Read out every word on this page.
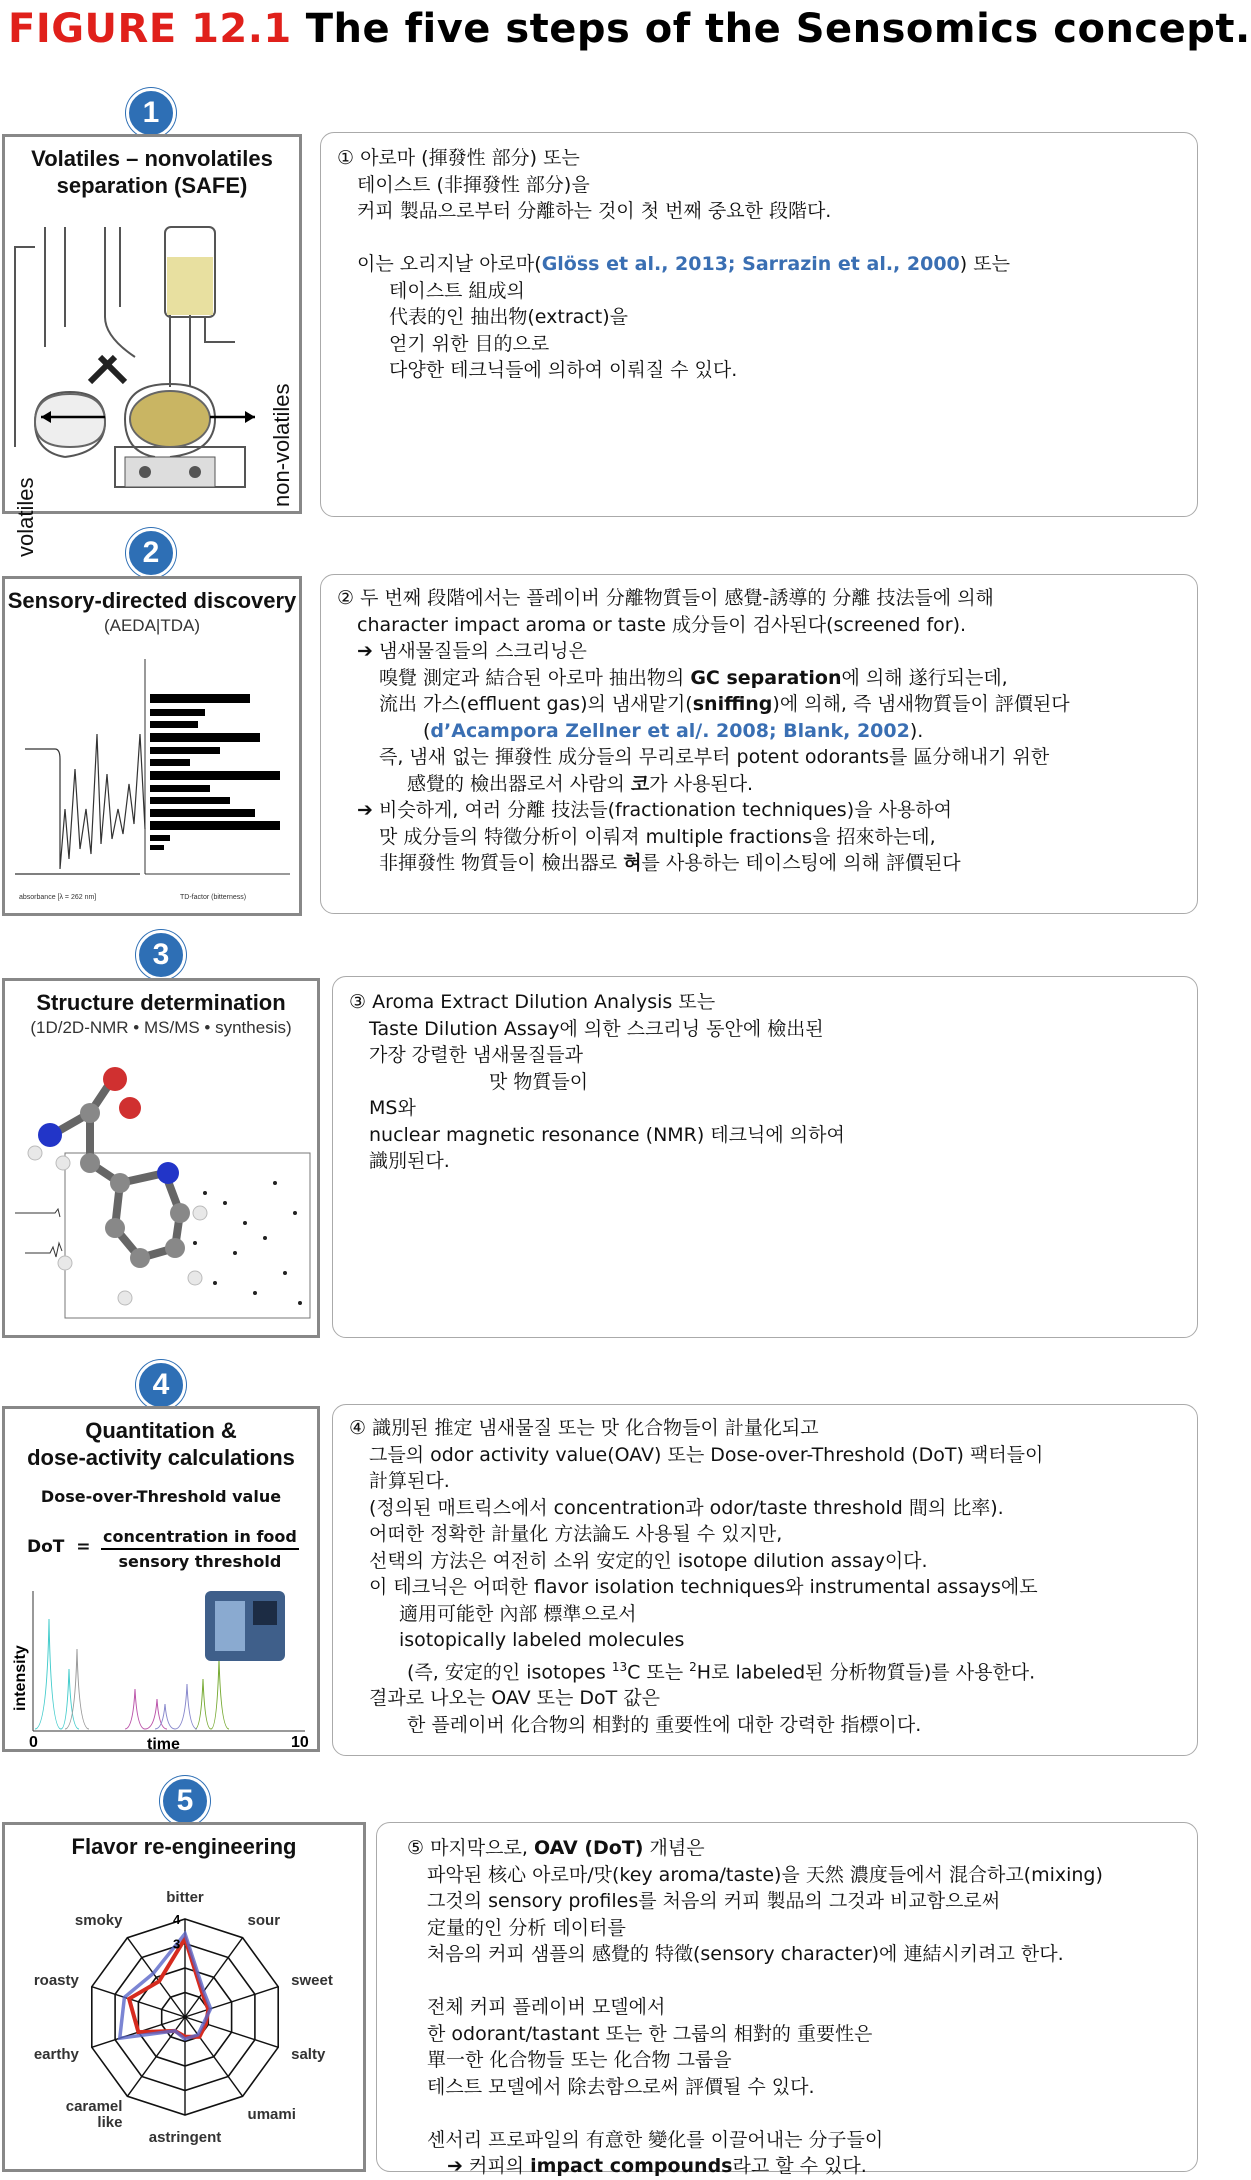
FIGURE 12.1 The five steps of the Sensomics concept.
1
Volatiles – nonvolatiles
separation (SAFE)
volatiles
non-volatiles
① 아로마 (揮發性 部分) 또는
테이스트 (非揮發性 部分)을
커피 製品으로부터 分離하는 것이 첫 번째 중요한 段階다.

이는 오리지날 아로마(Glöss et al., 2013; Sarrazin et al., 2000) 또는
테이스트 組成의
代表的인 抽出物(extract)을
얻기 위한 目的으로
다양한 테크닉들에 의하여 이뤄질 수 있다.
2
Sensory-directed discovery
(AEDA|TDA)
absorbance [λ = 262 nm]	TD-factor (bitterness)
② 두 번째 段階에서는 플레이버 分離物質들이 感覺-誘導的 分離 技法들에 의해
character impact aroma or taste 成分들이 검사된다(screened for).
➔ 냄새물질들의 스크리닝은
嗅覺 測定과 結合된 아로마 抽出物의 GC separation에 의해 遂行되는데,
流出 가스(effluent gas)의 냄새맡기(sniffing)에 의해, 즉 냄새物質들이 評價된다
(d’Acampora Zellner et al/. 2008; Blank, 2002).
즉, 냄새 없는 揮發性 成分들의 무리로부터 potent odorants를 區分해내기 위한
感覺的 檢出器로서 사람의 코가 사용된다.
➔ 비슷하게, 여러 分離 技法들(fractionation techniques)을 사용하여
맛 成分들의 特徵分析이 이뤄져 multiple fractions을 招來하는데,
非揮發性 物質들이 檢出器로 혀를 사용하는 테이스팅에 의해 評價된다
3
Structure determination
(1D/2D-NMR • MS/MS • synthesis)
③ Aroma Extract Dilution Analysis 또는
Taste Dilution Assay에 의한 스크리닝 동안에 檢出된
가장 강렬한 냄새물질들과
맛 物質들이
MS와
nuclear magnetic resonance (NMR) 테크닉에 의하여
識別된다.
4
Quantitation &
dose-activity calculations
Dose-over-Threshold value
DoT =
concentration in food
sensory threshold
0	10
time
intensity
④ 識別된 推定 냄새물질 또는 맛 化合物들이 計量化되고
그들의 odor activity value(OAV) 또는 Dose-over-Threshold (DoT) 팩터들이
計算된다.
(정의된 매트릭스에서 concentration과 odor/taste threshold 間의 比率).
어떠한 정확한 計量化 方法論도 사용될 수 있지만,
선택의 方法은 여전히 소위 安定的인 isotope dilution assay이다.
이 테크닉은 어떠한 flavor isolation techniques와 instrumental assays에도
適用可能한 內部 標準으로서
isotopically labeled molecules
(즉, 安定的인 isotopes $^{13}$C 또는 $^2$H로 labeled된 分析物質들)를 사용한다.
결과로 나오는 OAV 또는 DoT 값은
한 플레이버 化合物의 相對的 重要性에 대한 강력한 指標이다.
5
Flavor re-engineering
4
3
bitter
sour
sweet
salty
umami
astringent
caramel
like
earthy
roasty
smoky
⑤ 마지막으로, OAV (DoT) 개념은
파악된 核心 아로마/맛(key aroma/taste)을 天然 濃度들에서 混合하고(mixing)
그것의 sensory profiles를 처음의 커피 製品의 그것과 비교함으로써
定量的인 分析 데이터를
처음의 커피 샘플의 感覺的 特徵(sensory character)에 連結시키려고 한다.

전체 커피 플레이버 모델에서
한 odorant/tastant 또는 한 그룹의 相對的 重要性은
單一한 化合物들 또는 化合物 그룹을
테스트 모델에서 除去함으로써 評價될 수 있다.

센서리 프로파일의 有意한 變化를 이끌어내는 分子들이
➔ 커피의 impact compounds라고 할 수 있다.
